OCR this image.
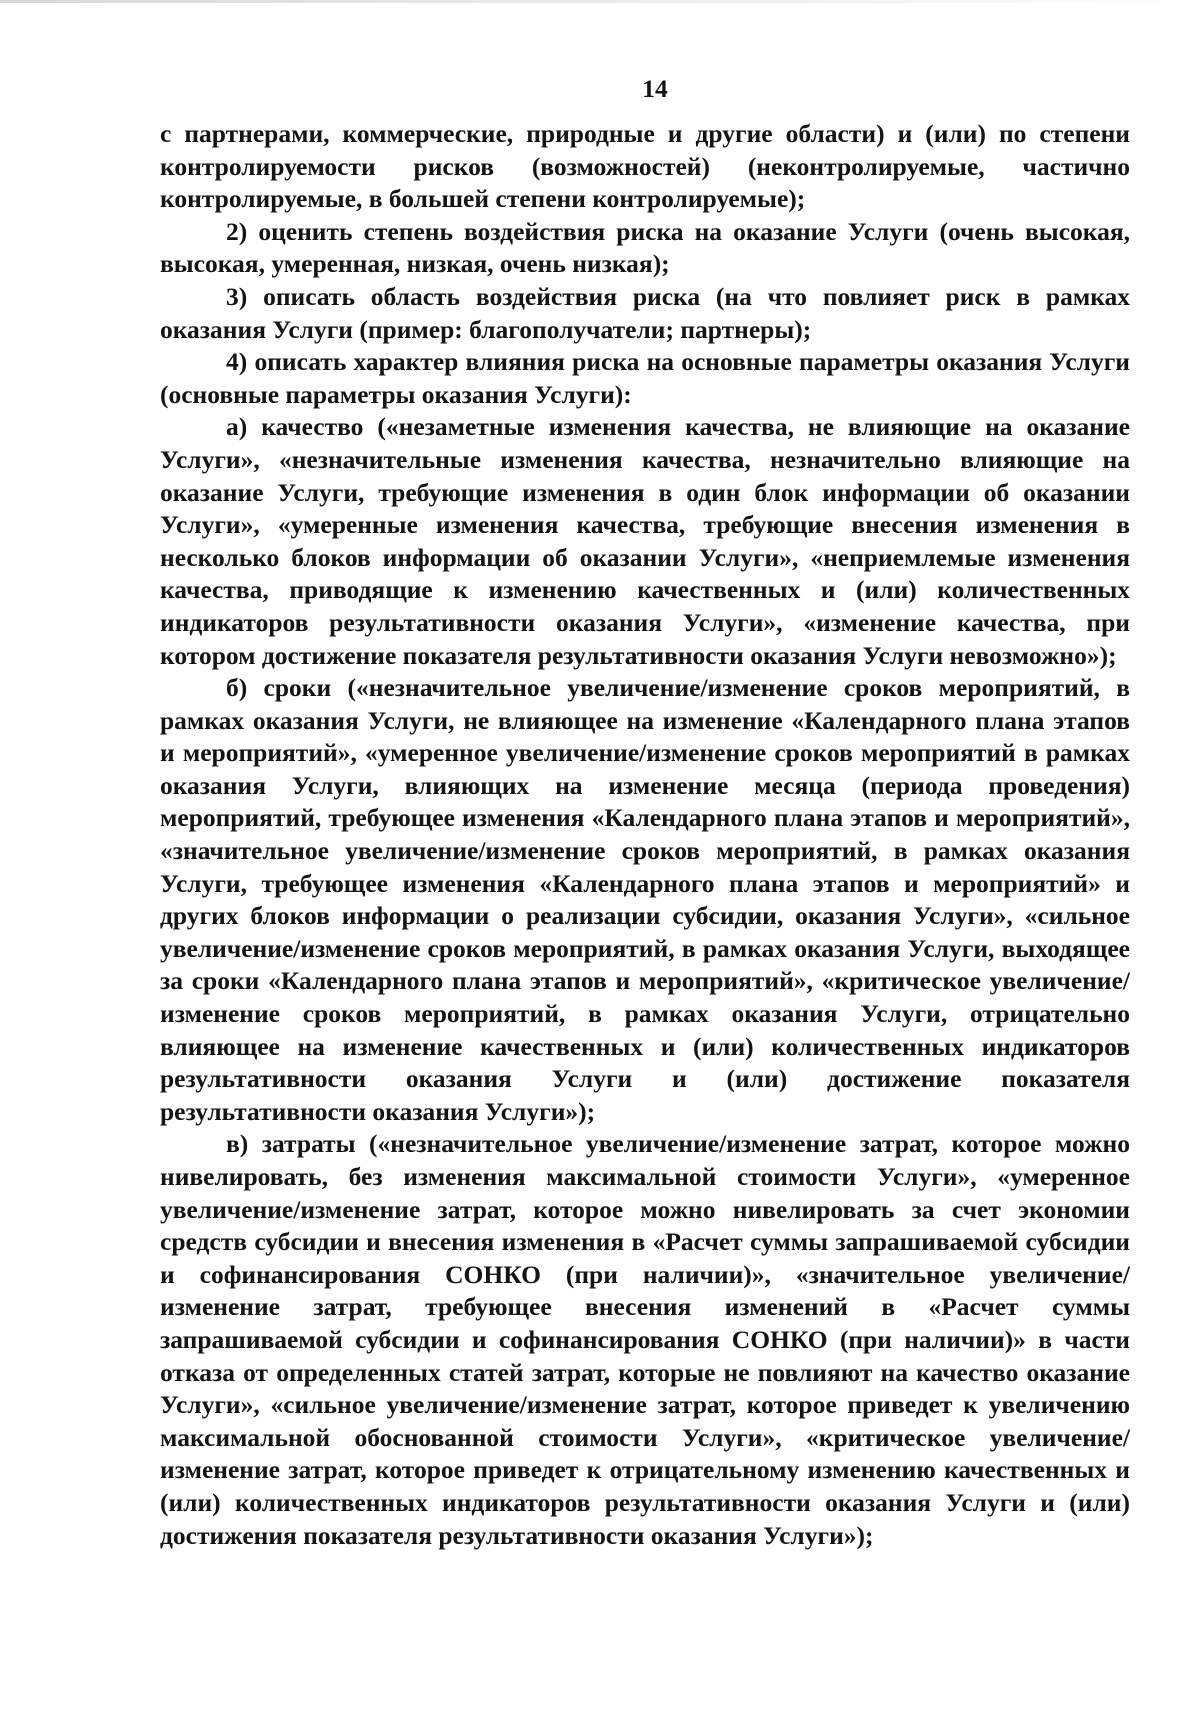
14

с партнерами, коммерческие, природные и другие области) и (или) по степени контролируемости рисков (возможностей) (неконтролируемые, частично контролируемые, в большей степени контролируемые);

2) оценить степень воздействия риска на оказание Услуги (очень высокая, высокая, умеренная, низкая, очень низкая);

3) описать область воздействия риска (на что повлияет риск в рамках оказания Услуги (пример: благополучатели; партнеры);

4) описать характер влияния риска на основные параметры оказания Услуги (основные параметры оказания Услуги):

а) качество («незаметные изменения качества, не влияющие на оказание Услуги», «незначительные изменения качества, незначительно влияющие на оказание Услуги, требующие изменения в один блок информации об оказании Услуги», «умеренные изменения качества, требующие внесения изменения в несколько блоков информации об оказании Услуги», «неприемлемые изменения качества, приводящие к изменению качественных и (или) количественных индикаторов результативности оказания Услуги», «изменение качества, при котором достижение показателя результативности оказания Услуги невозможно»);

б) сроки («незначительное увеличение/изменение сроков мероприятий, в рамках оказания Услуги, не влияющее на изменение «Календарного плана этапов и мероприятий», «умеренное увеличение/изменение сроков мероприятий в рамках оказания Услуги, влияющих на изменение месяца (периода проведения) мероприятий, требующее изменения «Календарного плана этапов и мероприятий», «значительное увеличение/изменение сроков мероприятий, в рамках оказания Услуги, требующее изменения «Календарного плана этапов и мероприятий» и других блоков информации о реализации субсидии, оказания Услуги», «сильное увеличение/изменение сроков мероприятий, в рамках оказания Услуги, выходящее за сроки «Календарного плана этапов и мероприятий», «критическое увеличение/изменение сроков мероприятий, в рамках оказания Услуги, отрицательно влияющее на изменение качественных и (или) количественных индикаторов результативности оказания Услуги и (или) достижение показателя результативности оказания Услуги»);

в) затраты («незначительное увеличение/изменение затрат, которое можно нивелировать, без изменения максимальной стоимости Услуги», «умеренное увеличение/изменение затрат, которое можно нивелировать за счет экономии средств субсидии и внесения изменения в «Расчет суммы запрашиваемой субсидии и софинансирования СОНКО (при наличии)», «значительное увеличение/изменение затрат, требующее внесения изменений в «Расчет суммы запрашиваемой субсидии и софинансирования СОНКО (при наличии)» в части отказа от определенных статей затрат, которые не повлияют на качество оказание Услуги», «сильное увеличение/изменение затрат, которое приведет к увеличению максимальной обоснованной стоимости Услуги», «критическое увеличение/изменение затрат, которое приведет к отрицательному изменению качественных и (или) количественных индикаторов результативности оказания Услуги и (или) достижения показателя результативности оказания Услуги»);
